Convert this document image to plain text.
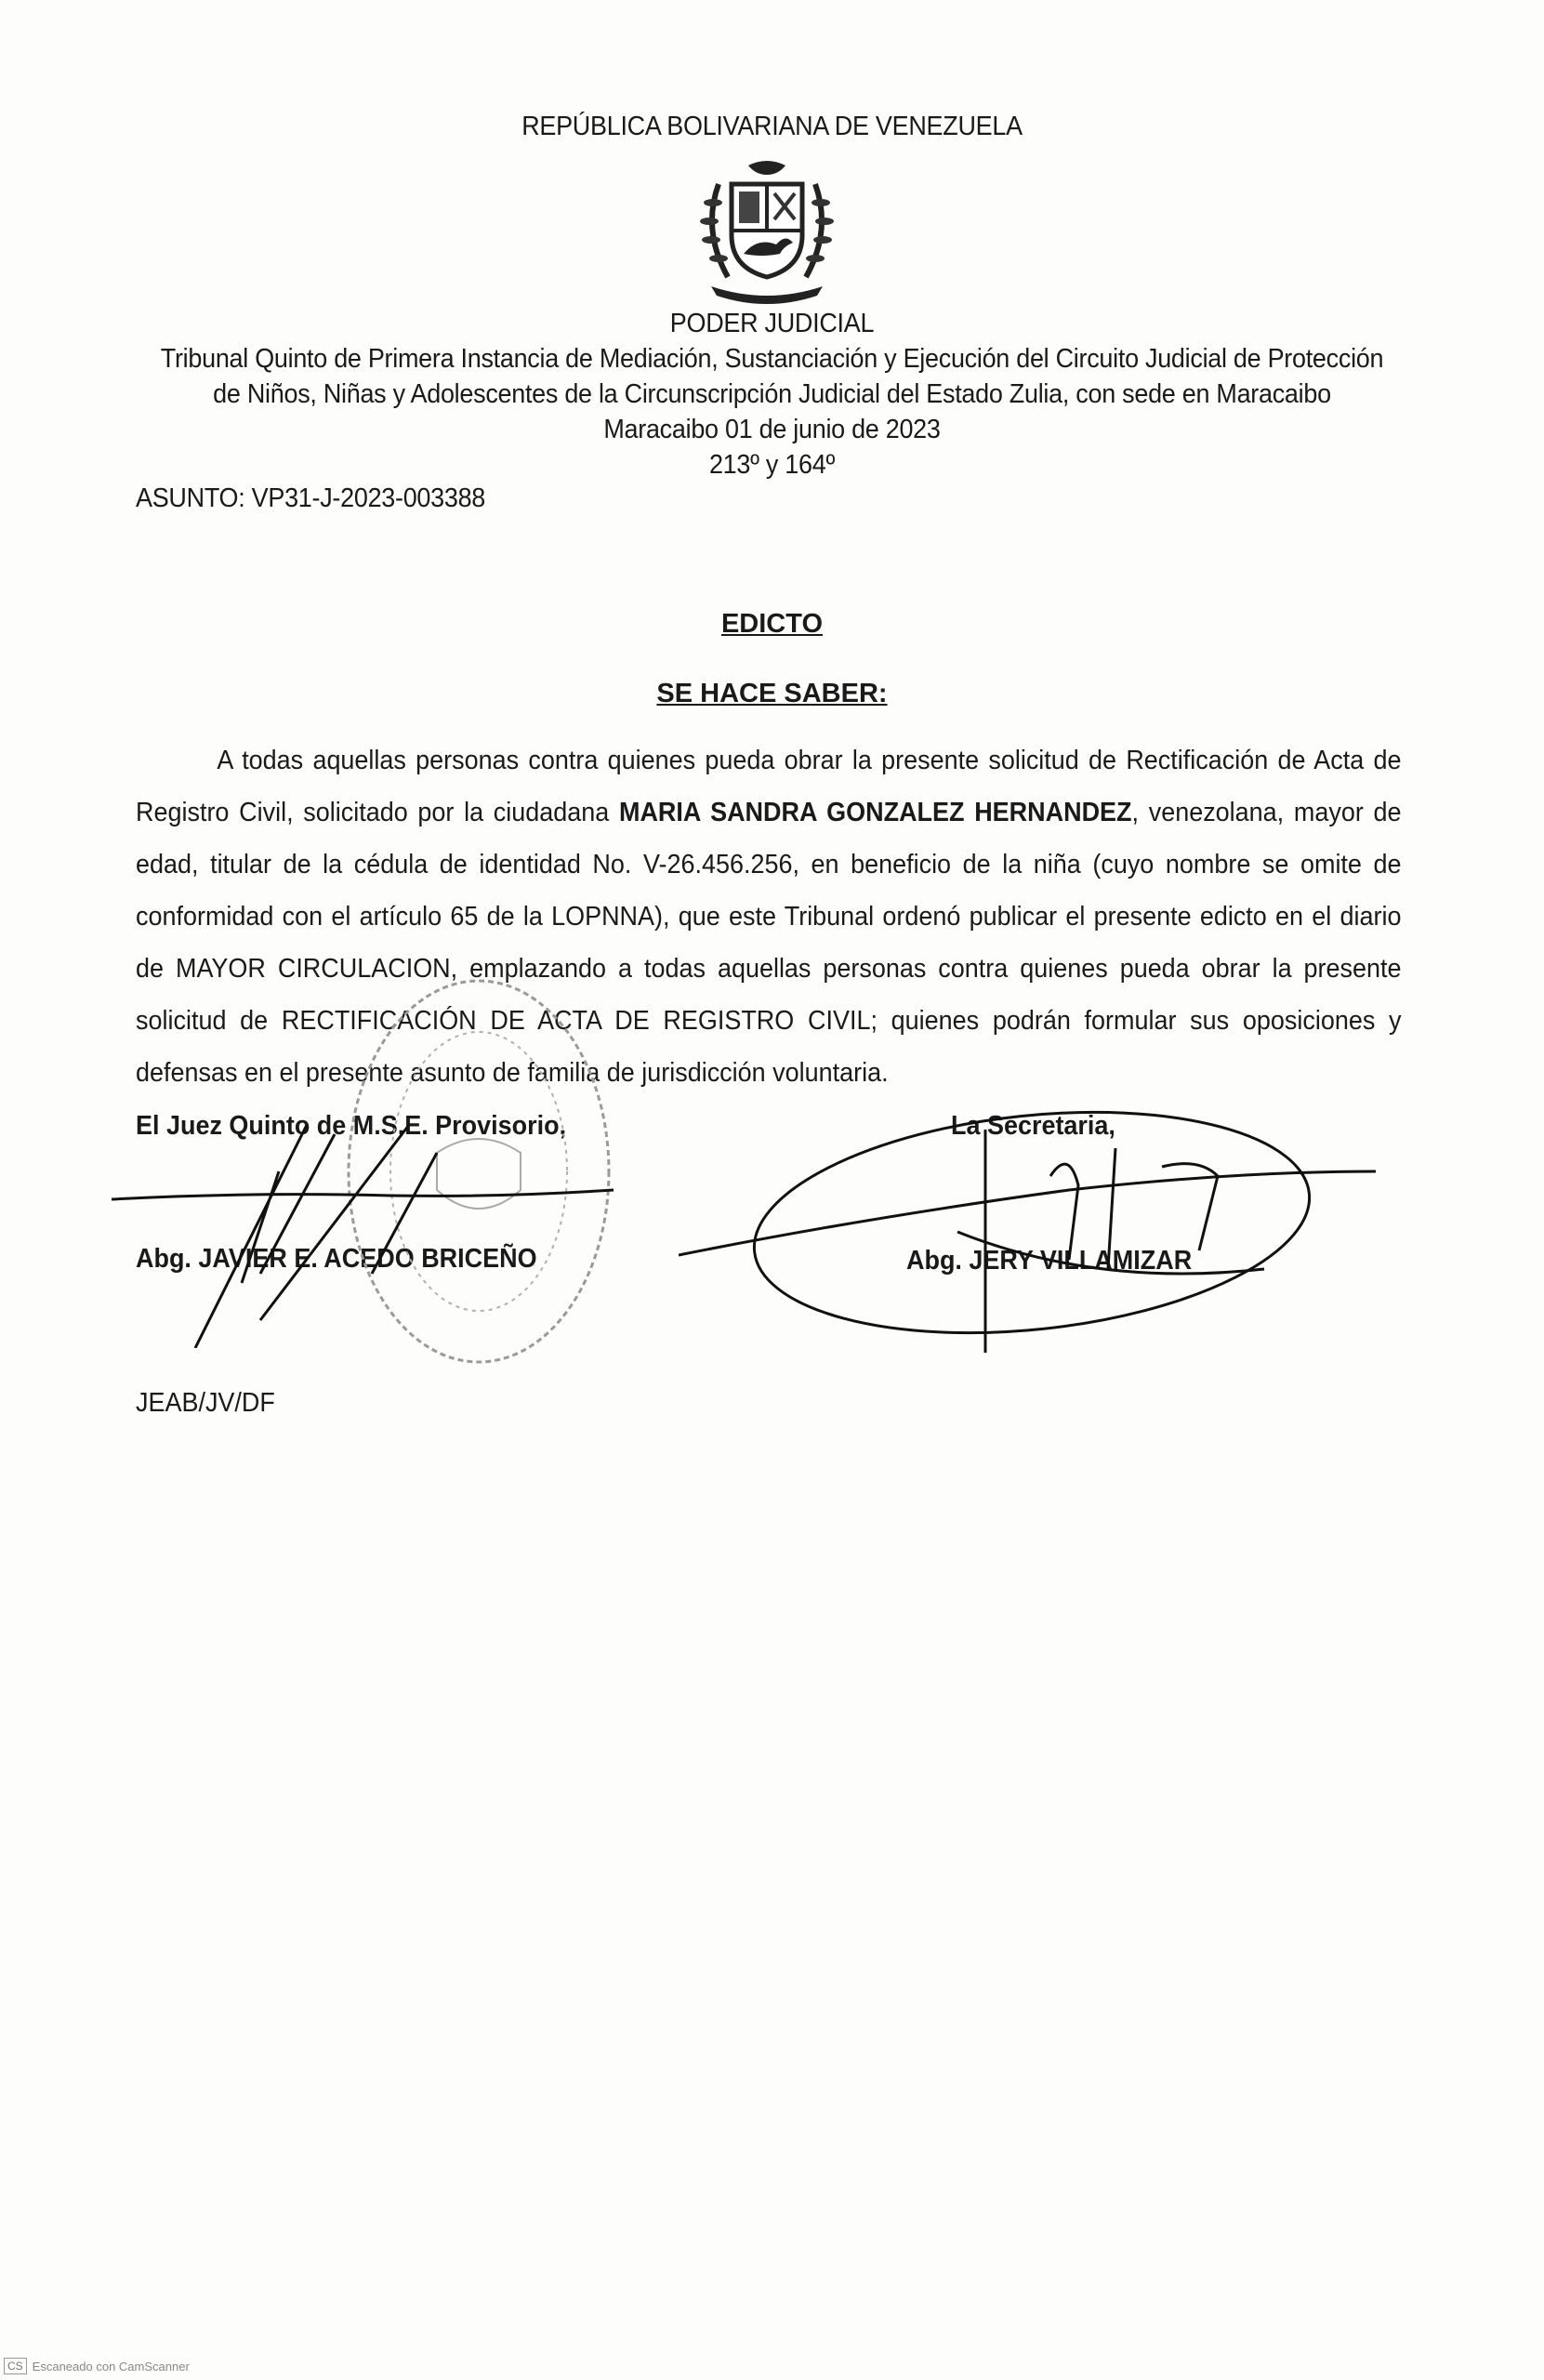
REPÚBLICA BOLIVARIANA DE VENEZUELA
PODER JUDICIAL
Tribunal Quinto de Primera Instancia de Mediación, Sustanciación y Ejecución del Circuito Judicial de Protección
de Niños, Niñas y Adolescentes de la Circunscripción Judicial del Estado Zulia, con sede en Maracaibo
Maracaibo 01 de junio de 2023
213º y 164º
ASUNTO: VP31-J-2023-003388
EDICTO
SE HACE SABER:
A todas aquellas personas contra quienes pueda obrar la presente solicitud de Rectificación de Acta de Registro Civil, solicitado por la ciudadana MARIA SANDRA GONZALEZ HERNANDEZ, venezolana, mayor de edad, titular de la cédula de identidad No. V-26.456.256, en beneficio de la niña (cuyo nombre se omite de conformidad con el artículo 65 de la LOPNNA), que este Tribunal ordenó publicar el presente edicto en el diario de MAYOR CIRCULACION, emplazando a todas aquellas personas contra quienes pueda obrar la presente solicitud de RECTIFICACIÓN DE ACTA DE REGISTRO CIVIL; quienes podrán formular sus oposiciones y defensas en el presente asunto de familia de jurisdicción voluntaria.
El Juez Quinto de M.S.E. Provisorio,
Abg. JAVIER E. ACEDO BRICEÑO
La Secretaria,
Abg. JERY VILLAMIZAR
JEAB/JV/DF
CS Escaneado con CamScanner
